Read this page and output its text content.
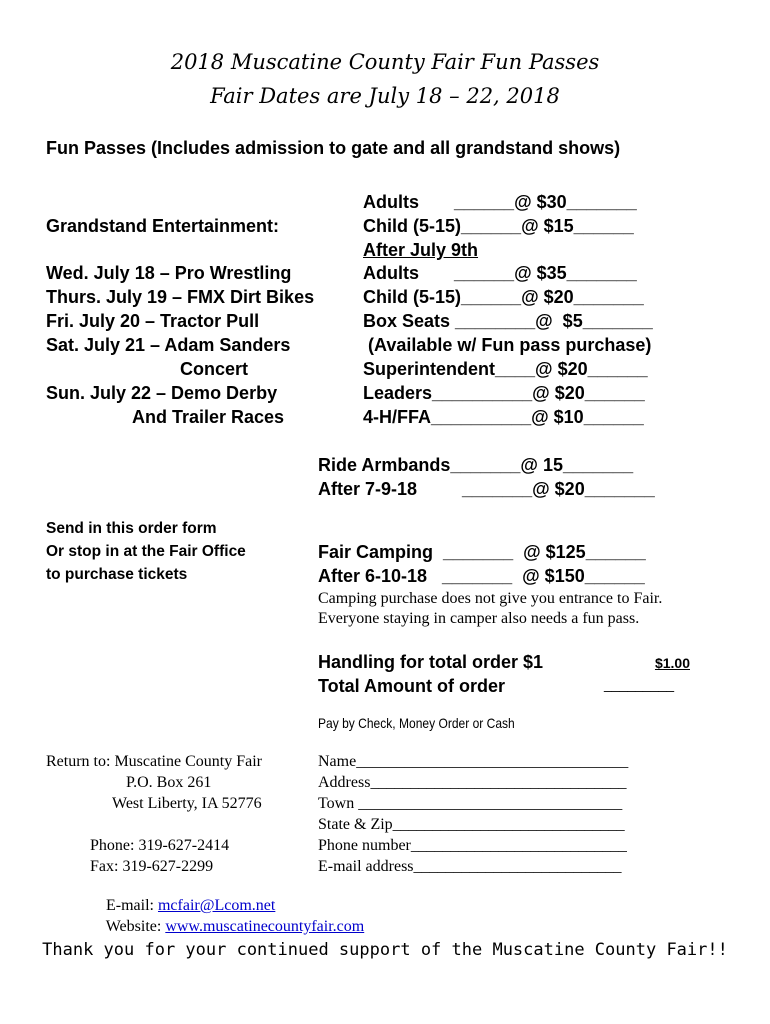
2018 Muscatine County Fair Fun Passes
Fair Dates are July 18 – 22, 2018
Fun Passes (Includes admission to gate and all grandstand shows)
Grandstand Entertainment:
Wed. July 18 – Pro Wrestling
Thurs. July 19 – FMX Dirt Bikes
Fri. July 20 – Tractor Pull
Sat. July 21 – Adam Sanders
Concert
Sun. July 22 – Demo Derby
And Trailer Races
Adults       ______@ $30_______
Child (5-15)______@ $15______
After July 9th
Adults       ______@ $35_______
Child (5-15)______@ $20_______
Box Seats ________@  $5_______
(Available w/ Fun pass purchase)
Superintendent____@ $20______
Leaders__________@ $20______
4-H/FFA__________@ $10______
Ride Armbands_______@ 15_______
After 7-9-18         _______@ $20_______
Send in this order form
Or stop in at the Fair Office
to purchase tickets
Fair Camping  _______  @ $125______
After 6-10-18   _______  @ $150______
Camping purchase does not give you entrance to Fair.
Everyone staying in camper also needs a fun pass.
Handling for total order $1	$1.00
Total Amount of order	_________
Pay by Check, Money Order or Cash
Return to: Muscatine County Fair
P.O. Box 261
West Liberty, IA 52776
Phone: 319-627-2414
Fax: 319-627-2299

E-mail: mcfair@Lcom.net

Website: www.muscatinecountyfair.com

Name__________________________________
Address________________________________
Town _________________________________
State & Zip_____________________________
Phone number___________________________
E-mail address__________________________
Thank you for your continued support of the Muscatine County Fair!!
